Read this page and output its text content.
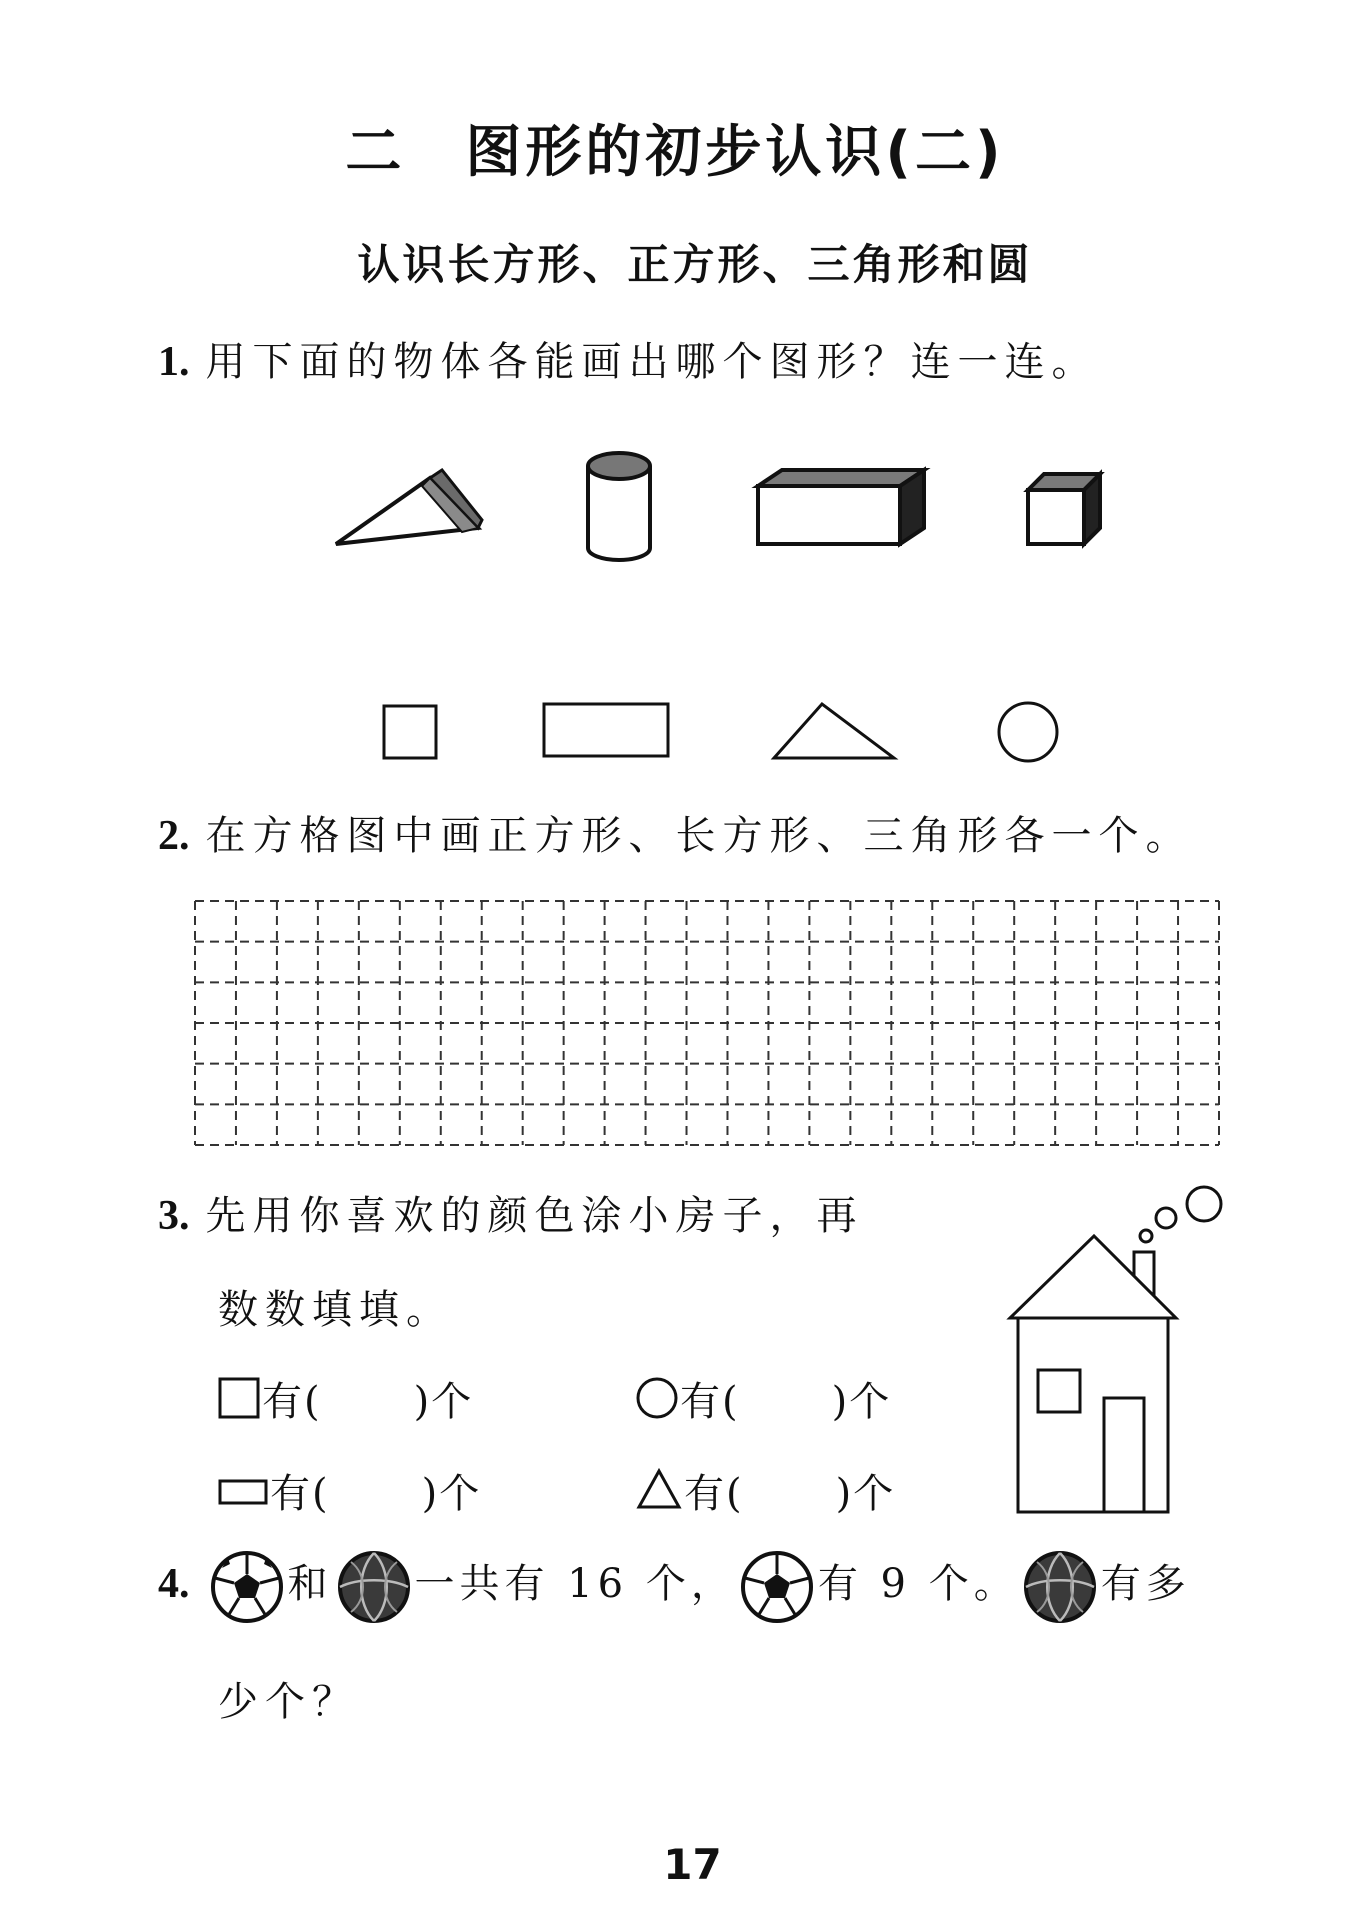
二　图形的初步认识(二)
认识长方形、正方形、三角形和圆
1. 用下面的物体各能画出哪个图形？连一连。
2. 在方格图中画正方形、长方形、三角形各一个。
3. 先用你喜欢的颜色涂小房子，再
数数填填。
有( )个	有( )个
有( )个	有( )个
4. 和 一共有 16 个， 有 9 个。 有多
少个？
17
